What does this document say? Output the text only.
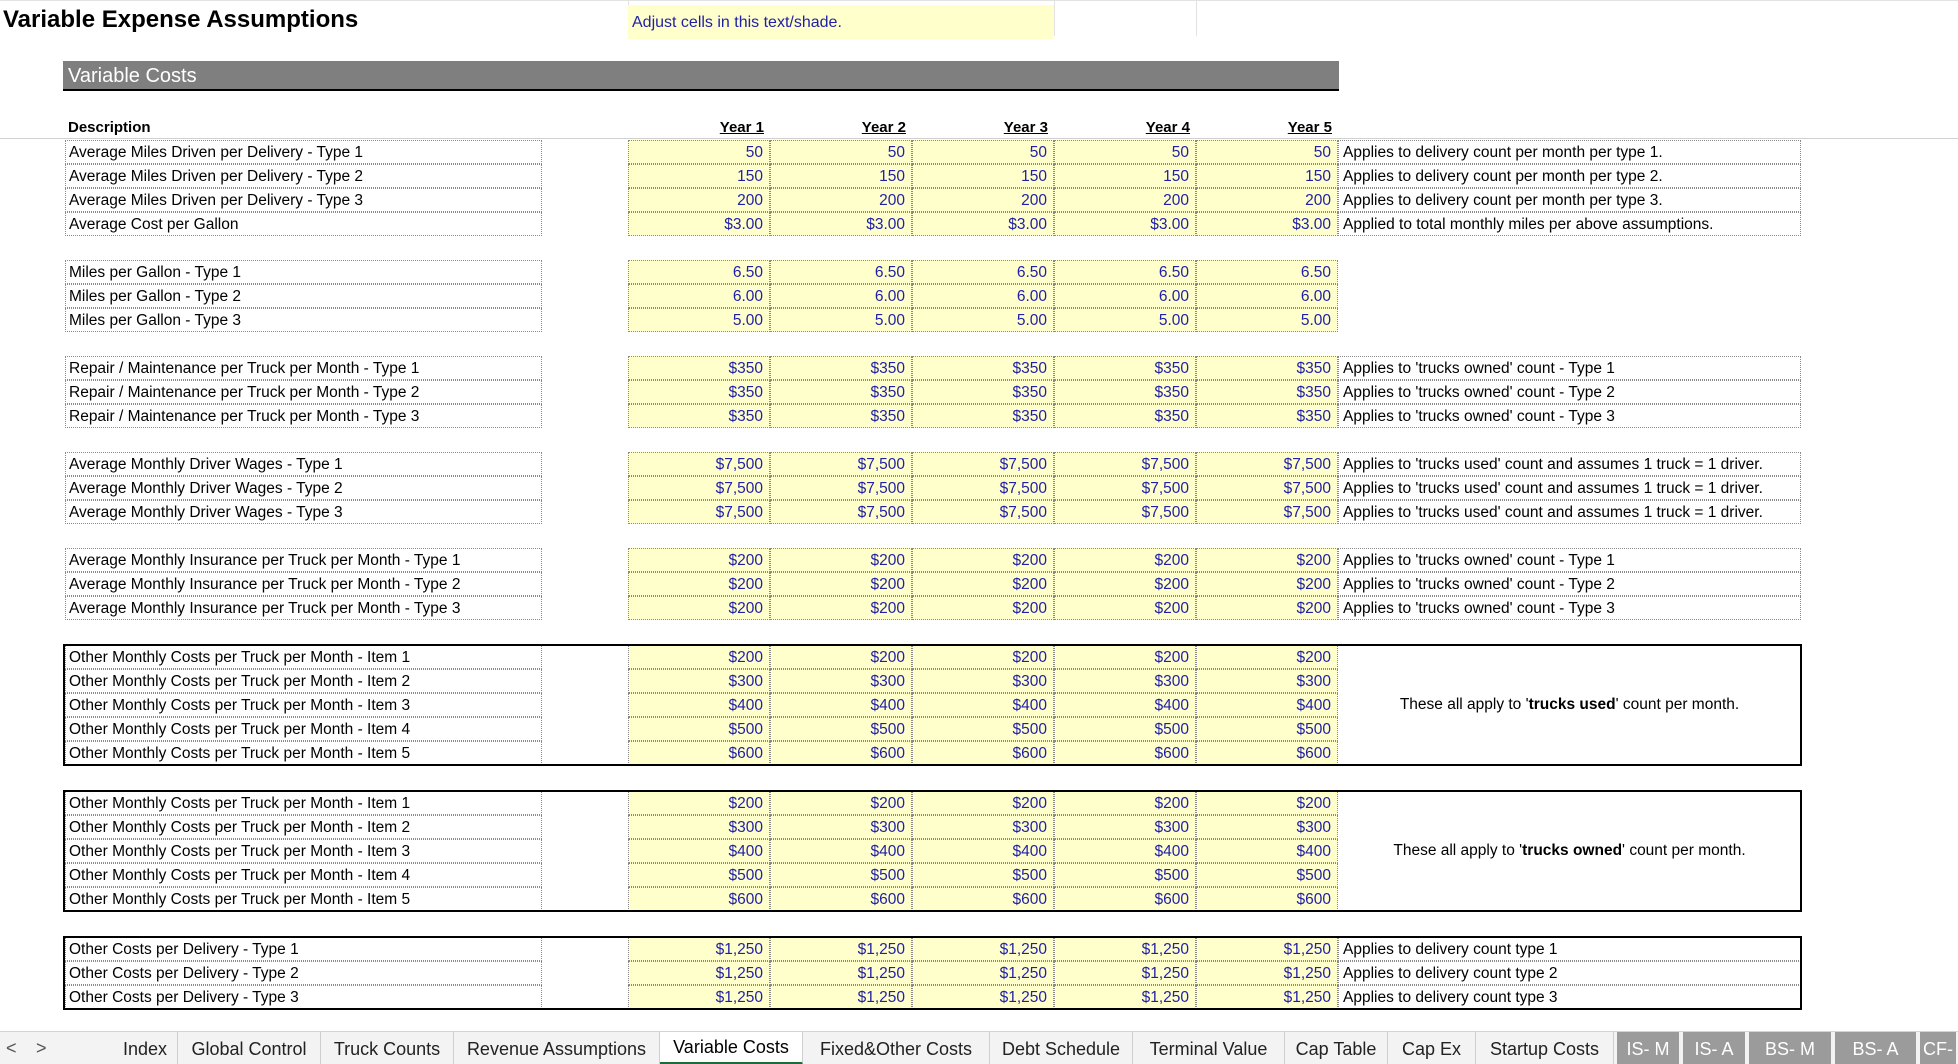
Variable Expense Assumptions	Adjust cells in this text/shade.
Variable Costs
Description	Year 1	Year 2	Year 3	Year 4	Year 5
Average Miles Driven per Delivery - Type 1	50	50	50	50	50 Applies to delivery count per month per type 1.
Average Miles Driven per Delivery - Type 2	150	150	150	150	150 Applies to delivery count per month per type 2.
Average Miles Driven per Delivery - Type 3	200	200	200	200	200 Applies to delivery count per month per type 3.
Average Cost per Gallon	$3.00	$3.00	$3.00	$3.00	$3.00 Applied to total monthly miles per above assumptions.
Miles per Gallon - Type 1	6.50	6.50	6.50	6.50	6.50
Miles per Gallon - Type 2	6.00	6.00	6.00	6.00	6.00
Miles per Gallon - Type 3	5.00	5.00	5.00	5.00	5.00
Repair / Maintenance per Truck per Month - Type 1	$350	$350	$350	$350	$350 Applies to 'trucks owned' count - Type 1
Repair / Maintenance per Truck per Month - Type 2	$350	$350	$350	$350	$350 Applies to 'trucks owned' count - Type 2
Repair / Maintenance per Truck per Month - Type 3	$350	$350	$350	$350	$350 Applies to 'trucks owned' count - Type 3
Average Monthly Driver Wages - Type 1	$7,500	$7,500	$7,500	$7,500	$7,500 Applies to 'trucks used' count and assumes 1 truck = 1 driver.
Average Monthly Driver Wages - Type 2	$7,500	$7,500	$7,500	$7,500	$7,500 Applies to 'trucks used' count and assumes 1 truck = 1 driver.
Average Monthly Driver Wages - Type 3	$7,500	$7,500	$7,500	$7,500	$7,500 Applies to 'trucks used' count and assumes 1 truck = 1 driver.
Average Monthly Insurance per Truck per Month - Type 1	$200	$200	$200	$200	$200 Applies to 'trucks owned' count - Type 1
Average Monthly Insurance per Truck per Month - Type 2	$200	$200	$200	$200	$200 Applies to 'trucks owned' count - Type 2
Average Monthly Insurance per Truck per Month - Type 3	$200	$200	$200	$200	$200 Applies to 'trucks owned' count - Type 3
Other Monthly Costs per Truck per Month - Item 1	$200	$200	$200	$200	$200
Other Monthly Costs per Truck per Month - Item 2	$300	$300	$300	$300	$300
Other Monthly Costs per Truck per Month - Item 3	$400	$400	$400	$400	$400
Other Monthly Costs per Truck per Month - Item 4	$500	$500	$500	$500	$500
Other Monthly Costs per Truck per Month - Item 5	$600	$600	$600	$600	$600
These all apply to 'trucks used' count per month.
Other Monthly Costs per Truck per Month - Item 1	$200	$200	$200	$200	$200
Other Monthly Costs per Truck per Month - Item 2	$300	$300	$300	$300	$300
Other Monthly Costs per Truck per Month - Item 3	$400	$400	$400	$400	$400
Other Monthly Costs per Truck per Month - Item 4	$500	$500	$500	$500	$500
Other Monthly Costs per Truck per Month - Item 5	$600	$600	$600	$600	$600
These all apply to 'trucks owned' count per month.
Other Costs per Delivery - Type 1	$1,250	$1,250	$1,250	$1,250	$1,250 Applies to delivery count type 1
Other Costs per Delivery - Type 2	$1,250	$1,250	$1,250	$1,250	$1,250 Applies to delivery count type 2
Other Costs per Delivery - Type 3	$1,250	$1,250	$1,250	$1,250	$1,250 Applies to delivery count type 3
< >	Index	Global Control	Truck Counts	Revenue Assumptions	Variable Costs	Fixed&Other Costs	Debt Schedule	Terminal Value	Cap Table	Cap Ex	Startup Costs	IS- M	IS- A	BS- M	BS- A	CF-
